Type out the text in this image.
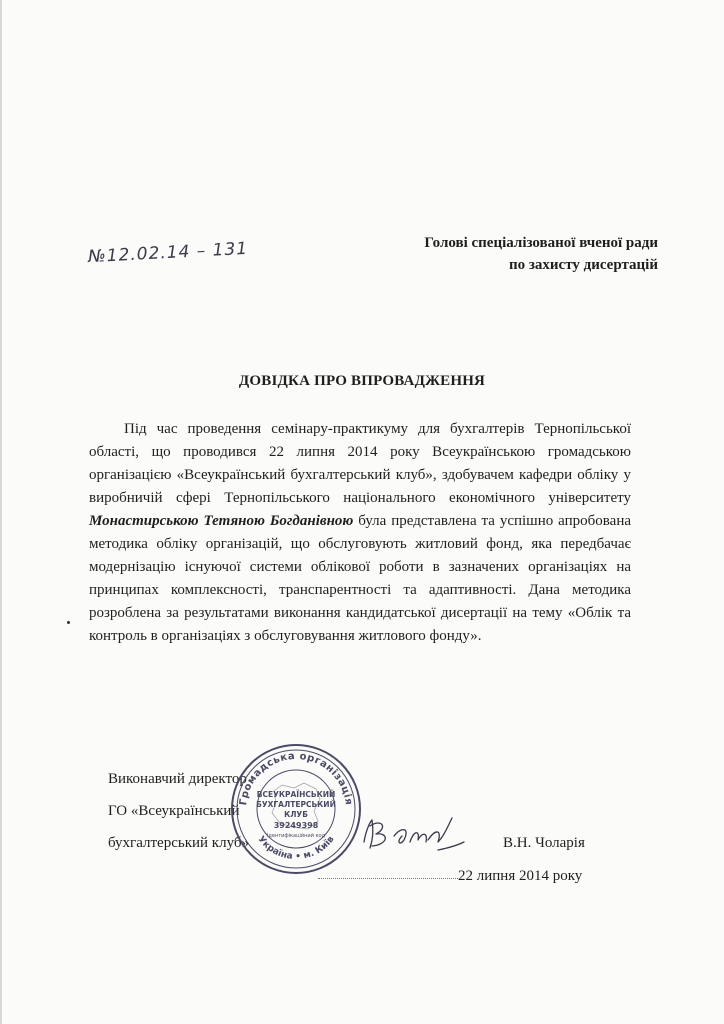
№12.02.14 – 131	Голові спеціалізованої вченої ради
по захисту дисертацій
ДОВІДКА ПРО ВПРОВАДЖЕННЯ

Під час проведення семінару-практикуму для бухгалтерів Тернопільської області, що проводився 22 липня 2014 року Всеукраїнською громадською організацією «Всеукраїнський бухгалтерський клуб», здобувачем кафедри обліку у виробничій сфері Тернопільського національного економічного університету Монастирською Тетяною Богданівною була представлена та успішно апробована методика обліку організацій, що обслуговують житловий фонд, яка передбачає модернізацію існуючої системи облікової роботи в зазначених організаціях на принципах комплексності, транспарентності та адаптивності. Дана методика розроблена за результатами виконання кандидатської дисертації на тему «Облік та контроль в організаціях з обслуговування житлового фонду».

Виконавчий директор
ГО «Всеукраїнський
бухгалтерський клуб»	В.Н. Чоларія
22 липня 2014 року
Громадська організація
Україна • м. Київ
ВСЕУКРАЇНСЬКИЙ
БУХГАЛТЕРСЬКИЙ
КЛУБ
39249398
Ідентифікаційний код
